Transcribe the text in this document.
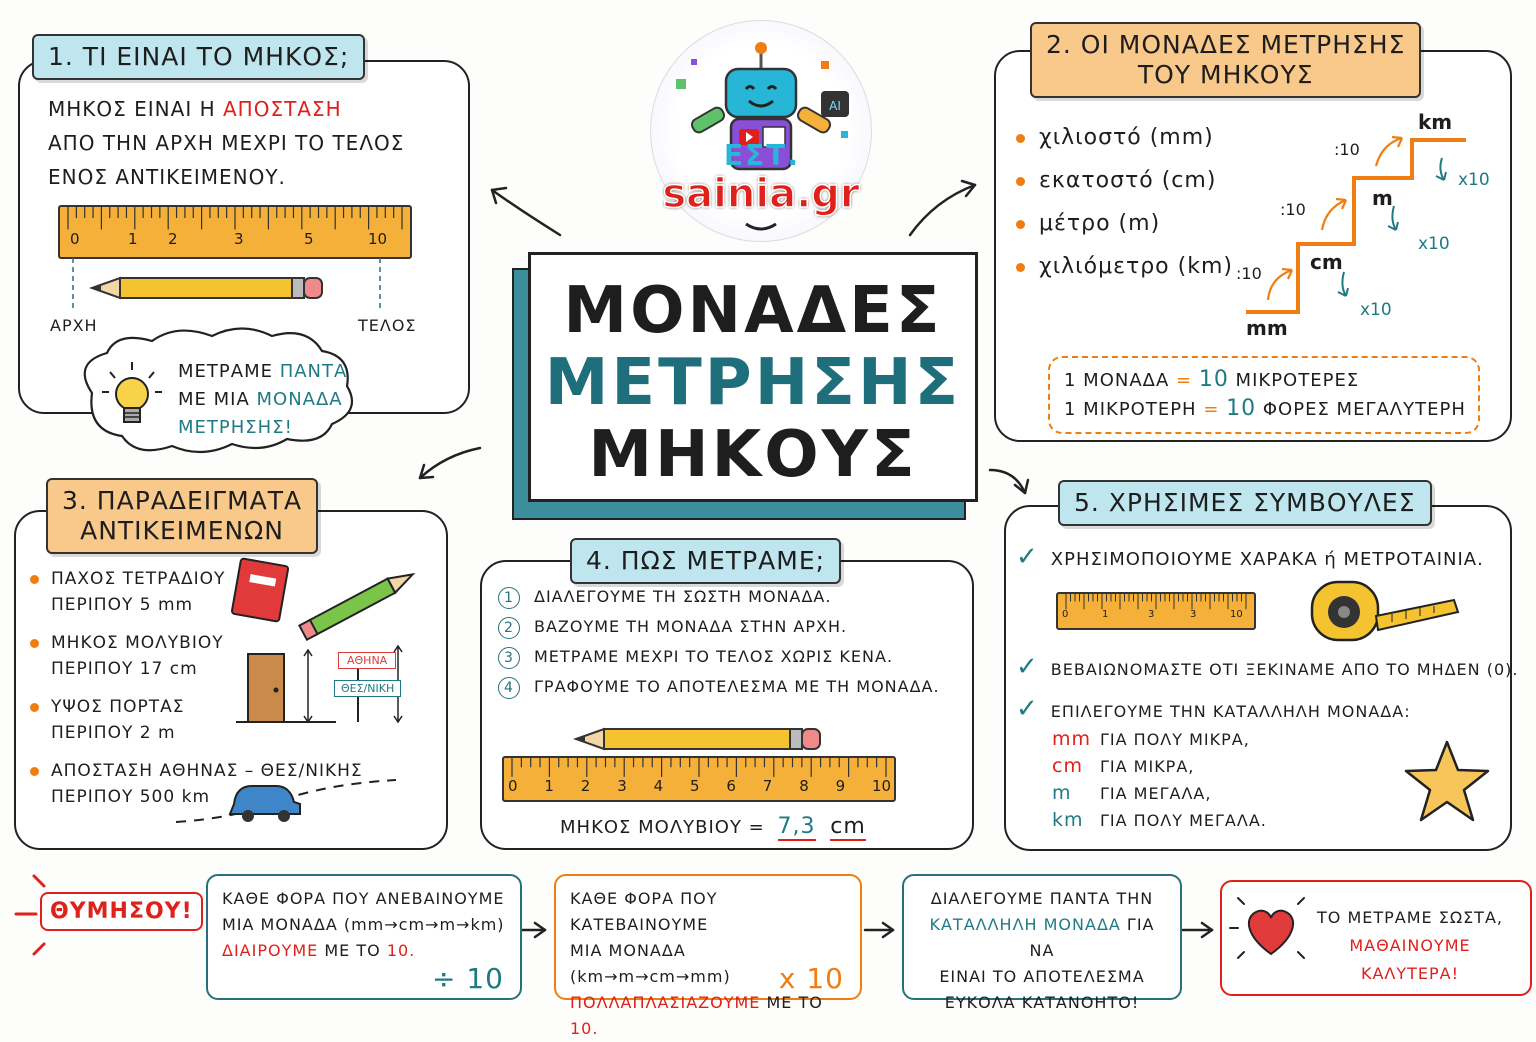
AI
ΕΣΤ.
sainia.gr
ΜΟΝΑΔΕΣ
ΜΕΤΡΗΣΗΣ
ΜΗΚΟΥΣ
1. ΤΙ ΕΙΝΑΙ ΤΟ ΜΗΚΟΣ;
ΜΗΚΟΣ ΕΙΝΑΙ Η ΑΠΟΣΤΑΣΗ
ΑΠΟ ΤΗΝ ΑΡΧΗ ΜΕΧΡΙ ΤΟ ΤΕΛΟΣ
ΕΝΟΣ ΑΝΤΙΚΕΙΜΕΝΟΥ.
0	1 2	3	5	10
ΑΡΧΗ	ΤΕΛΟΣ
ΜΕΤΡΑΜΕ ΠΑΝΤΑ
ΜΕ ΜΙΑ ΜΟΝΑΔΑ
ΜΕΤΡΗΣΗΣ!
2. ΟΙ ΜΟΝΑΔΕΣ ΜΕΤΡΗΣΗΣ
ΤΟΥ ΜΗΚΟΥΣ
χιλιοστό (mm)
εκατοστό (cm)
μέτρο (m)
χιλιόμετρο (km)
mm
cm
m
km
:10
:10
:10
x10
x10
x10
1 ΜΟΝΑΔΑ = 10 ΜΙΚΡΟΤΕΡΕΣ
1 ΜΙΚΡΟΤΕΡΗ = 10 ΦΟΡΕΣ ΜΕΓΑΛΥΤΕΡΗ
3. ΠΑΡΑΔΕΙΓΜΑΤΑ
ΑΝΤΙΚΕΙΜΕΝΩΝ
ΠΑΧΟΣ ΤΕΤΡΑΔΙΟΥ
ΠΕΡΙΠΟΥ 5 mm
ΜΗΚΟΣ ΜΟΛΥΒΙΟΥ
ΠΕΡΙΠΟΥ 17 cm
ΥΨΟΣ ΠΟΡΤΑΣ
ΠΕΡΙΠΟΥ 2 m
ΑΠΟΣΤΑΣΗ ΑΘΗΝΑΣ – ΘΕΣ/ΝΙΚΗΣ
ΠΕΡΙΠΟΥ 500 km
ΑΘΗΝΑ
ΘΕΣ/ΝΙΚΗ
4. ΠΩΣ ΜΕΤΡΑΜΕ;
1 ΔΙΑΛΕΓΟΥΜΕ ΤΗ ΣΩΣΤΗ ΜΟΝΑΔΑ.
2 ΒΑΖΟΥΜΕ ΤΗ ΜΟΝΑΔΑ ΣΤΗΝ ΑΡΧΗ.
3 ΜΕΤΡΑΜΕ ΜΕΧΡΙ ΤΟ ΤΕΛΟΣ ΧΩΡΙΣ ΚΕΝΑ.
4 ΓΡΑΦΟΥΜΕ ΤΟ ΑΠΟΤΕΛΕΣΜΑ ΜΕ ΤΗ ΜΟΝΑΔΑ.
0 1 2 3 4 5 6 7 8 9 10
ΜΗΚΟΣ ΜΟΛΥΒΙΟΥ = 7,3 cm
5. ΧΡΗΣΙΜΕΣ ΣΥΜΒΟΥΛΕΣ
✓ ΧΡΗΣΙΜΟΠΟΙΟΥΜΕ ΧΑΡΑΚΑ ή ΜΕΤΡΟΤΑΙΝΙΑ.
0	1	3	3	10
✓ ΒΕΒΑΙΩΝΟΜΑΣΤΕ ΟΤΙ ΞΕΚΙΝΑΜΕ ΑΠΟ ΤΟ ΜΗΔΕΝ (0).
✓ ΕΠΙΛΕΓΟΥΜΕ ΤΗΝ ΚΑΤΑΛΛΗΛΗ ΜΟΝΑΔΑ:
mm ΓΙΑ ΠΟΛΥ ΜΙΚΡΑ,
cm ΓΙΑ ΜΙΚΡΑ,
m ΓΙΑ ΜΕΓΑΛΑ,
km ΓΙΑ ΠΟΛΥ ΜΕΓΑΛΑ.
ΘΥΜΗΣΟΥ!
ΚΑΘΕ ΦΟΡΑ ΠΟΥ ΑΝΕΒΑΙΝΟΥΜΕ
ΜΙΑ ΜΟΝΑΔΑ (mm→cm→m→km)
ΔΙΑΙΡΟΥΜΕ ΜΕ ΤΟ 10.
÷ 10
ΚΑΘΕ ΦΟΡΑ ΠΟΥ ΚΑΤΕΒΑΙΝΟΥΜΕ
ΜΙΑ ΜΟΝΑΔΑ (km→m→cm→mm)
ΠΟΛΛΑΠΛΑΣΙΑΖΟΥΜΕ ΜΕ ΤΟ 10.
x 10
ΔΙΑΛΕΓΟΥΜΕ ΠΑΝΤΑ ΤΗΝ
ΚΑΤΑΛΛΗΛΗ ΜΟΝΑΔΑ ΓΙΑ ΝΑ
ΕΙΝΑΙ ΤΟ ΑΠΟΤΕΛΕΣΜΑ
ΕΥΚΟΛΑ ΚΑΤΑΝΟΗΤΟ!
ΤΟ ΜΕΤΡΑΜΕ ΣΩΣΤΑ,
ΜΑΘΑΙΝΟΥΜΕ ΚΑΛΥΤΕΡΑ!
